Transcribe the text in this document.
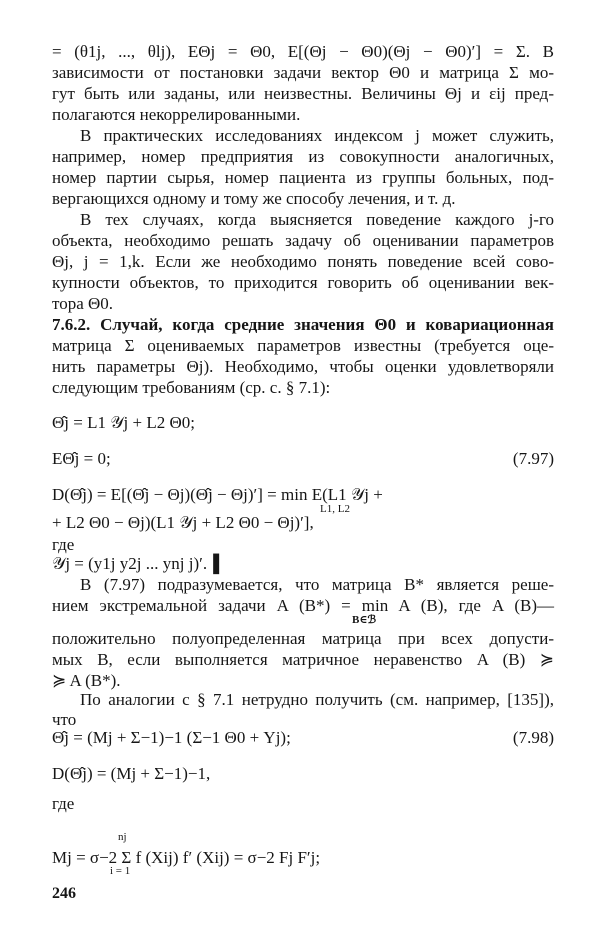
= (θ1j, ..., θlj), EΘj = Θ0, E[(Θj − Θ0)(Θj − Θ0)′] = Σ. В
зависимости от постановки задачи вектор Θ0 и матрица Σ мо-
гут быть или заданы, или неизвестны. Величины Θj и εij пред-
полагаются некоррелированными.
В практических исследованиях индексом j может служить,
например, номер предприятия из совокупности аналогичных,
номер партии сырья, номер пациента из группы больных, под-
вергающихся одному и тому же способу лечения, и т. д.
В тех случаях, когда выясняется поведение каждого j-го
объекта, необходимо решать задачу об оценивании параметров
Θj, j = 1,k. Если же необходимо понять поведение всей сово-
купности объектов, то приходится говорить об оценивании век-
тора Θ0.
7.6.2. Случай, когда средние значения Θ0 и ковариационная
матрица Σ оцениваемых параметров известны (требуется оце-
нить параметры Θj). Необходимо, чтобы оценки удовлетворяли
следующим требованиям (ср. с. § 7.1):
Θ̂j = L1 𝒴j + L2 Θ0;
EΘ̂j = 0;	(7.97)
D(Θ̂j) = E[(Θ̂j − Θj)(Θ̂j − Θj)′] = min E(L1 𝒴j +
L1, L2
+ L2 Θ0 − Θj)(L1 𝒴j + L2 Θ0 − Θj)′],
где
𝒴j = (y1j y2j ... ynj j)′.▐
В (7.97) подразумевается, что матрица B* является реше-
нием экстремальной задачи A (B*) = min A (B), где A (B)—
B∈ℬ
положительно полуопределенная матрица при всех допусти-
мых B, если выполняется матричное неравенство A (B) ≽
≽ A (B*).
По аналогии с § 7.1 нетрудно получить (см. например, [135]),
что
Θ̂j = (Mj + Σ−1)−1 (Σ−1 Θ0 + Yj);	(7.98)
D(Θ̂j) = (Mj + Σ−1)−1,
где
246
nj
Mj = σ−2 Σ f (Xij) f′ (Xij) = σ−2 Fj F′j;
i = 1
